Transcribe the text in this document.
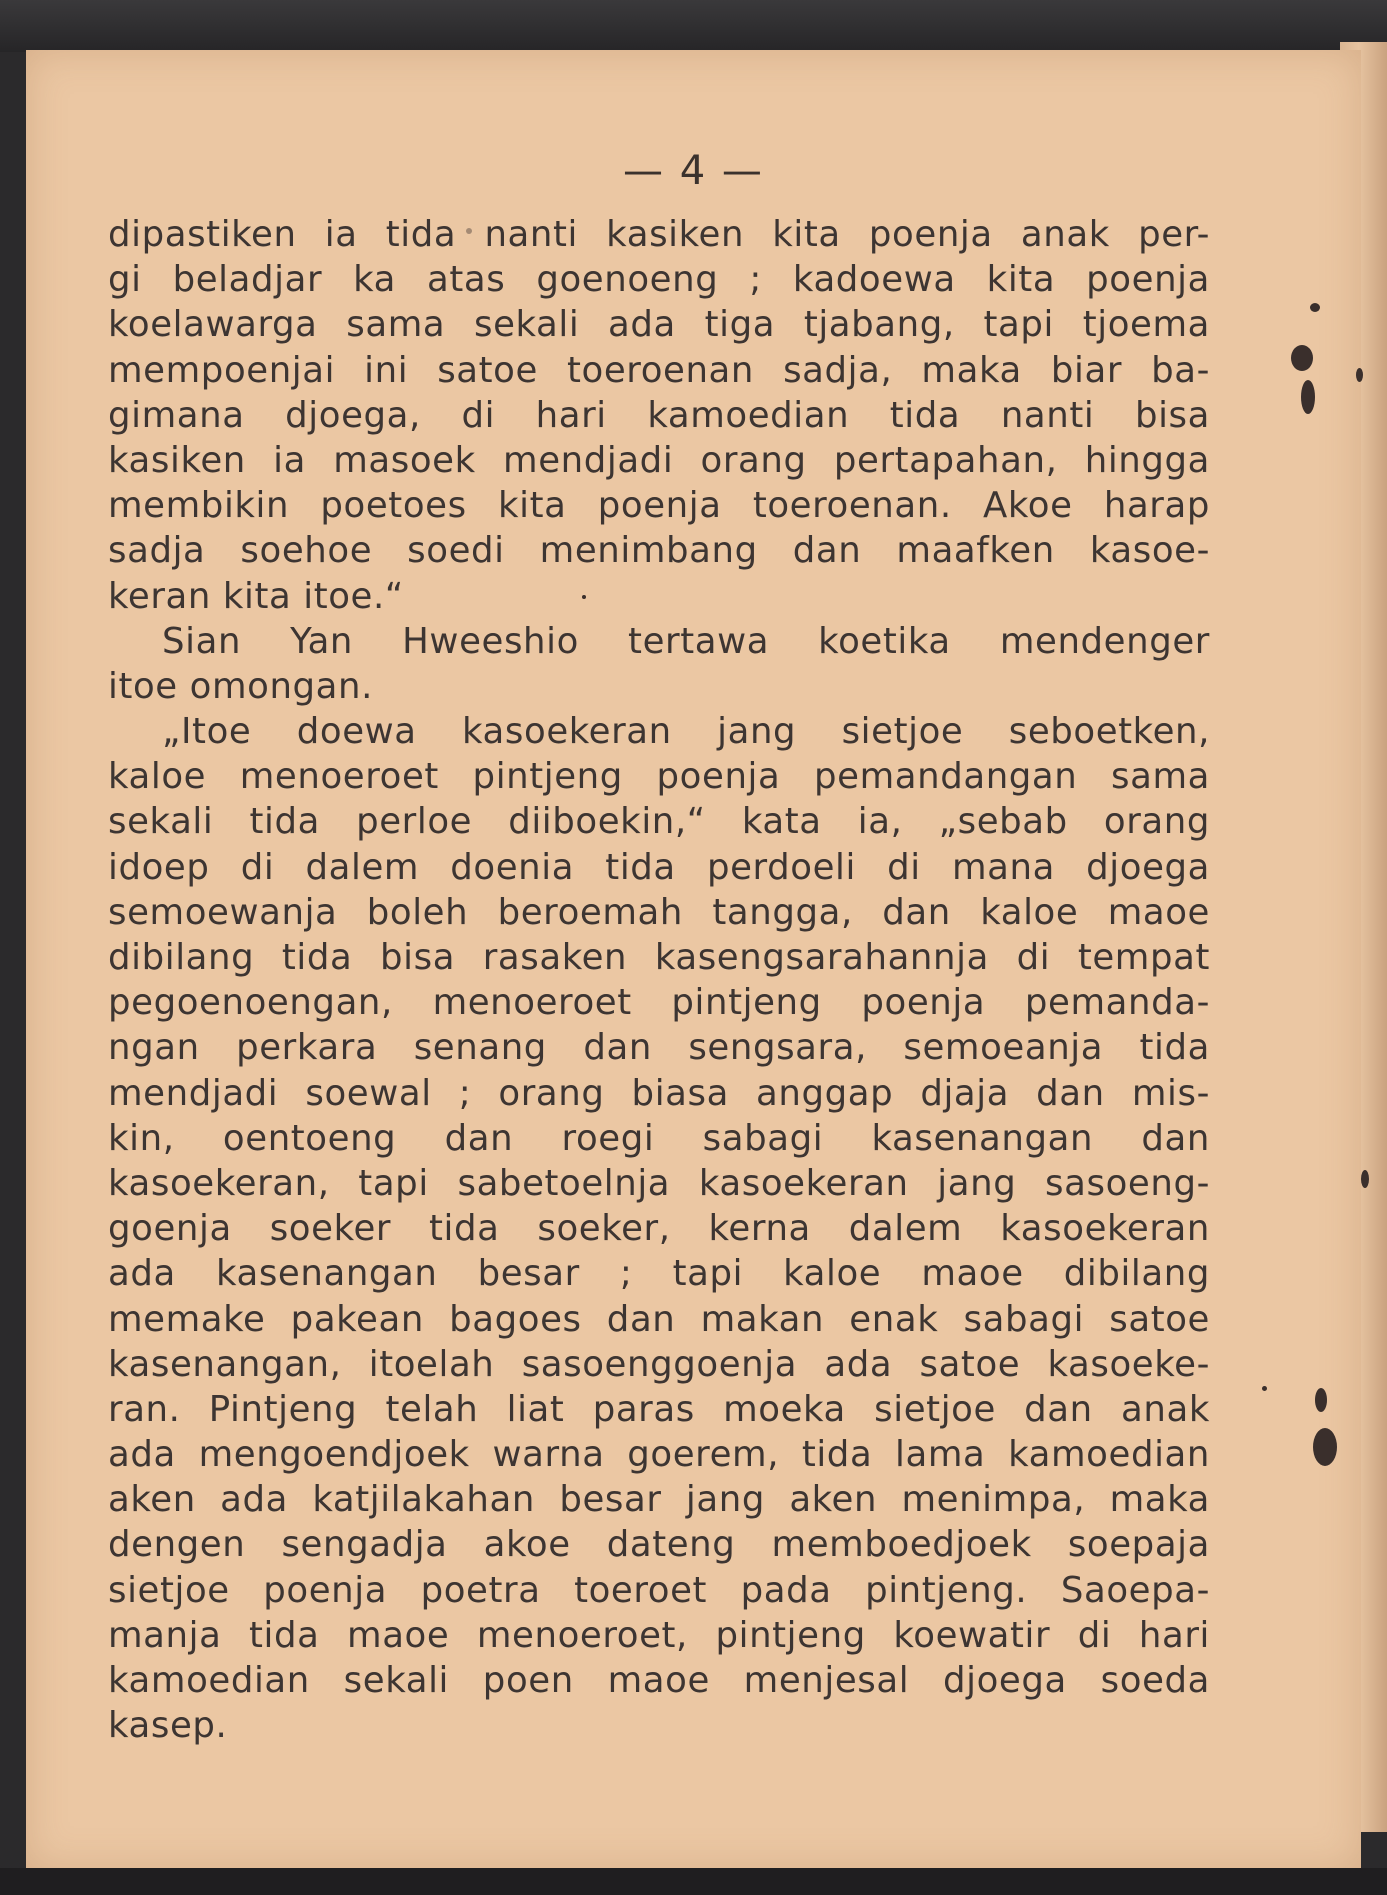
— 4 —
dipastiken ia tida nanti kasiken kita poenja anak per-
gi beladjar ka atas goenoeng ; kadoewa kita poenja
koelawarga sama sekali ada tiga tjabang, tapi tjoema
mempoenjai ini satoe toeroenan sadja, maka biar ba-
gimana djoega, di hari kamoedian tida nanti bisa
kasiken ia masoek mendjadi orang pertapahan, hingga
membikin poetoes kita poenja toeroenan. Akoe harap
sadja soehoe soedi menimbang dan maafken kasoe-
keran kita itoe.“
Sian Yan Hweeshio tertawa koetika mendenger
itoe omongan.
„Itoe doewa kasoekeran jang sietjoe seboetken,
kaloe menoeroet pintjeng poenja pemandangan sama
sekali tida perloe diiboekin,“ kata ia, „sebab orang
idoep di dalem doenia tida perdoeli di mana djoega
semoewanja boleh beroemah tangga, dan kaloe maoe
dibilang tida bisa rasaken kasengsarahannja di tempat
pegoenoengan, menoeroet pintjeng poenja pemanda-
ngan perkara senang dan sengsara, semoeanja tida
mendjadi soewal ; orang biasa anggap djaja dan mis-
kin, oentoeng dan roegi sabagi kasenangan dan
kasoekeran, tapi sabetoelnja kasoekeran jang sasoeng-
goenja soeker tida soeker, kerna dalem kasoekeran
ada kasenangan besar ; tapi kaloe maoe dibilang
memake pakean bagoes dan makan enak sabagi satoe
kasenangan, itoelah sasoenggoenja ada satoe kasoeke-
ran. Pintjeng telah liat paras moeka sietjoe dan anak
ada mengoendjoek warna goerem, tida lama kamoedian
aken ada katjilakahan besar jang aken menimpa, maka
dengen sengadja akoe dateng memboedjoek soepaja
sietjoe poenja poetra toeroet pada pintjeng. Saoepa-
manja tida maoe menoeroet, pintjeng koewatir di hari
kamoedian sekali poen maoe menjesal djoega soeda
kasep.
